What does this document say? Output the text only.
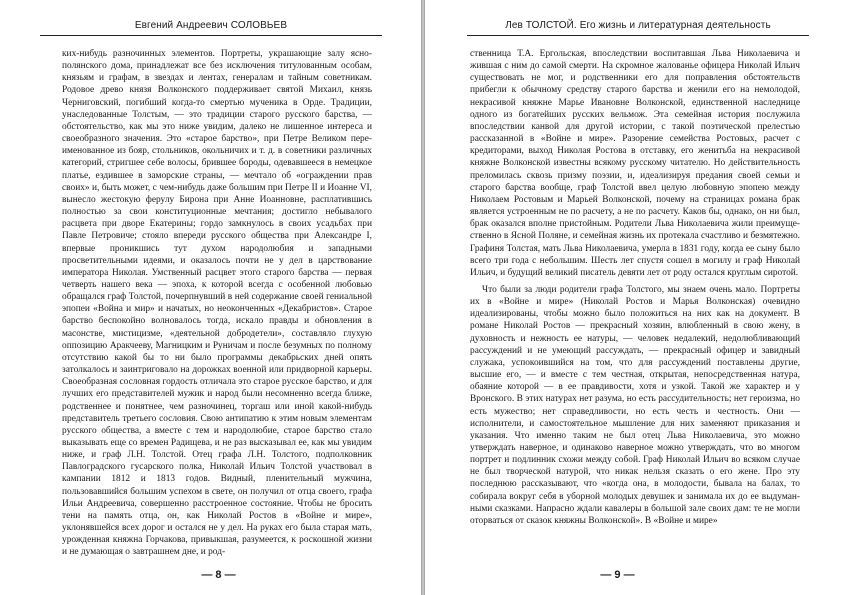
Евгений Андреевич СОЛОВЬЕВ

ких-нибудь разночинных элементов. Портреты, украшающие залу яснополянского дома, принадлежат все без исключения титулованным особам, князьям и графам, в звездах и лентах, генералам и тайным советникам. Родовое древо князя Волконского поддерживает святой Михаил, князь Черниговский, погибший когда-то смертью мученика в Орде. Традиции, унаследованные Толстым, — это традиции старого русского барства, — обстоятельство, как мы это ниже увидим, далеко не лишенное интереса и своеобразного значения. Это «старое барство», при Петре Великом переименованное из бояр, стольников, окольничих и т. д. в советники различных категорий, стригшее себе волосы, брившее бороды, одевавшееся в немецкое платье, ездившее в заморские страны, — мечтало об «ограждении прав своих» и, быть может, с чем-нибудь даже большим при Петре II и Иоанне VI, вынесло жестокую ферулу Бирона при Анне Иоанновне, расплатившись полностью за свои конституционные мечтания; достигло небывалого расцвета при дворе Екатерины; гордо замкнулось в своих усадьбах при Павле Петровиче; стояло впереди русского общества при Александре I, впервые проникшись тут духом народолюбия и западными просветительными идеями, и оказалось почти не у дел в царствование императора Николая. Умственный расцвет этого старого барства — первая четверть нашего века — эпоха, к которой всегда с особенной любовью обращался граф Толстой, почерпнувший в ней содержание своей гениальной эпопеи «Война и мир» и начатых, но неоконченных «Декабристов». Старое барство беспокойно волновалось тогда, искало правды и обновления в масонстве, мистицизме, «деятельной добродетели», составляло глухую оппозицию Аракчееву, Магницким и Руничам и после безумных по полному отсутствию какой бы то ни было программы декабрьских дней опять затолкалось и заинтриговало на дорожках военной или придворной карьеры. Своеобразная сословная гордость отличала это старое русское барство, и для лучших его представителей мужик и народ были несомненно всегда ближе, родственнее и понятнее, чем разночинец, торгаш или иной какой-нибудь представитель третьего сословия. Свою антипатию к этим новым элементам русского общества, а вместе с тем и народолюбие, старое барство стало выказывать еще со времен Радищева, и не раз высказывал ее, как мы увидим ниже, и граф Л.Н. Толстой. Отец графа Л.Н. Толстого, подполковник Павлоградского гусарского полка, Николай Ильич Толстой участвовал в кампании 1812 и 1813 годов. Видный, пленительный мужчина, пользовавшийся большим успехом в свете, он получил от отца своего, графа Ильи Андреевича, совершенно расстроенное состояние. Чтобы не бросить тени на память отца, он, как Николай Ростов в «Войне и мире», уклонявшейся всех дорог и остался не у дел. На руках его была старая мать, урожденная княжна Горчакова, привыкшая, разумеется, к роскошной жизни и не думающая о завтрашнем дне, и род-

— 8 —
Лев ТОЛСТОЙ. Его жизнь и литературная деятельность

ственница Т.А. Ергольская, впоследствии воспитавшая Льва Николаевича и жившая с ним до самой смерти. На скромное жалованье офицера Николай Ильич существовать не мог, и родственники его для поправления обстоятельств прибегли к обычному средству старого барства и женили его на немолодой, некрасивой княжне Марье Ивановне Волконской, единственной наследнице одного из богатейших русских вельмож. Эта семейная история послужила впоследствии канвой для другой истории, с такой поэтической прелестью рассказанной в «Войне и мире». Разорение семейства Ростовых, расчет с кредиторами, выход Николая Ростова в отставку, его женитьба на некрасивой княжне Волконской известны всякому русскому читателю. Но действительность преломилась сквозь призму поэзии, и, идеализируя предания своей семьи и старого барства вообще, граф Толстой ввел целую любовную эпопею между Николаем Ростовым и Марьей Волконской, почему на страницах романа брак является устроенным не по расчету, а не по расчету. Каков бы, однако, он ни был, брак оказался вполне пристойным. Родители Льва Николаевича жили преимущественно в Ясной Поляне, и семейная жизнь их протекала счастливо и безмятежно. Графиня Толстая, мать Льва Николаевича, умерла в 1831 году, когда ее сыну было всего три года с небольшим. Шесть лет спустя сошел в могилу и граф Николай Ильич, и будущий великий писатель девяти лет от роду остался круглым сиротой.

Что были за люди родители графа Толстого, мы знаем очень мало. Портреты их в «Войне и мире» (Николай Ростов и Марья Волконская) очевидно идеализированы, чтобы можно было положиться на них как на документ. В романе Николай Ростов — прекрасный хозяин, влюбленный в свою жену, в духовность и нежность ее натуры, — человек недалекий, недолюбливающий рассуждений и не умеющий рассуждать, — прекрасный офицер и завидный служака, успокоившийся на том, что для рассуждений поставлены другие, высшие его, — и вместе с тем честная, открытая, непосредственная натура, обаяние которой — в ее правдивости, хотя и узкой. Такой же характер и у Вронского. В этих натурах нет разума, но есть рассудительность; нет героизма, но есть мужество; нет справедливости, но есть честь и честность. Они — исполнители, и самостоятельное мышление для них заменяют приказания и указания. Что именно таким не был отец Льва Николаевича, это можно утверждать наверное, и одинаково наверное можно утверждать, что во многом портрет и подлинник схожи между собой. Граф Николай Ильич во всяком случае не был творческой натурой, что никак нельзя сказать о его жене. Про эту последнюю рассказывают, что «когда она, в молодости, бывала на балах, то собирала вокруг себя в уборной молодых девушек и занимала их до ее выдуманными сказками. Напрасно ждали кавалеры в большой зале своих дам: те не могли оторваться от сказок княжны Волконской». В «Войне и мире»

— 9 —
